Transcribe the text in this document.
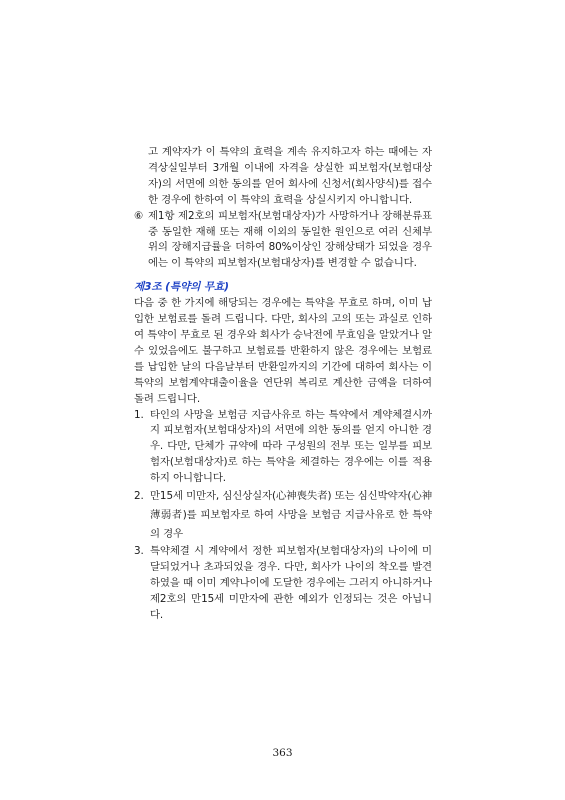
고 계약자가 이 특약의 효력을 계속 유지하고자 하는 때에는 자격상실일부터 3개월 이내에 자격을 상실한 피보험자(보험대상자)의 서면에 의한 동의를 얻어 회사에 신청서(회사양식)를 접수한 경우에 한하여 이 특약의 효력을 상실시키지 아니합니다.

⑥ 제1항 제2호의 피보험자(보험대상자)가 사망하거나 장해분류표 중 동일한 재해 또는 재해 이외의 동일한 원인으로 여러 신체부위의 장해지급률을 더하여 80%이상인 장해상태가 되었을 경우에는 이 특약의 피보험자(보험대상자)를 변경할 수 없습니다.
제3조 (특약의 무효)

다음 중 한 가지에 해당되는 경우에는 특약을 무효로 하며, 이미 납입한 보험료를 돌려 드립니다. 다만, 회사의 고의 또는 과실로 인하여 특약이 무효로 된 경우와 회사가 승낙전에 무효임을 알았거나 알 수 있었음에도 불구하고 보험료를 반환하지 않은 경우에는 보험료를 납입한 날의 다음날부터 반환일까지의 기간에 대하여 회사는 이 특약의 보험계약대출이율을 연단위 복리로 계산한 금액을 더하여 돌려 드립니다.

1. 타인의 사망을 보험금 지급사유로 하는 특약에서 계약체결시까지 피보험자(보험대상자)의 서면에 의한 동의를 얻지 아니한 경우. 다만, 단체가 규약에 따라 구성원의 전부 또는 일부를 피보험자(보험대상자)로 하는 특약을 체결하는 경우에는 이를 적용하지 아니합니다.
2. 만15세 미만자, 심신상실자(心神喪失者) 또는 심신박약자(心神薄弱者)를 피보험자로 하여 사망을 보험금 지급사유로 한 특약의 경우
3. 특약체결 시 계약에서 정한 피보험자(보험대상자)의 나이에 미달되었거나 초과되었을 경우. 다만, 회사가 나이의 착오를 발견하였을 때 이미 계약나이에 도달한 경우에는 그러지 아니하거나 제2호의 만15세 미만자에 관한 예외가 인정되는 것은 아닙니다.
363
